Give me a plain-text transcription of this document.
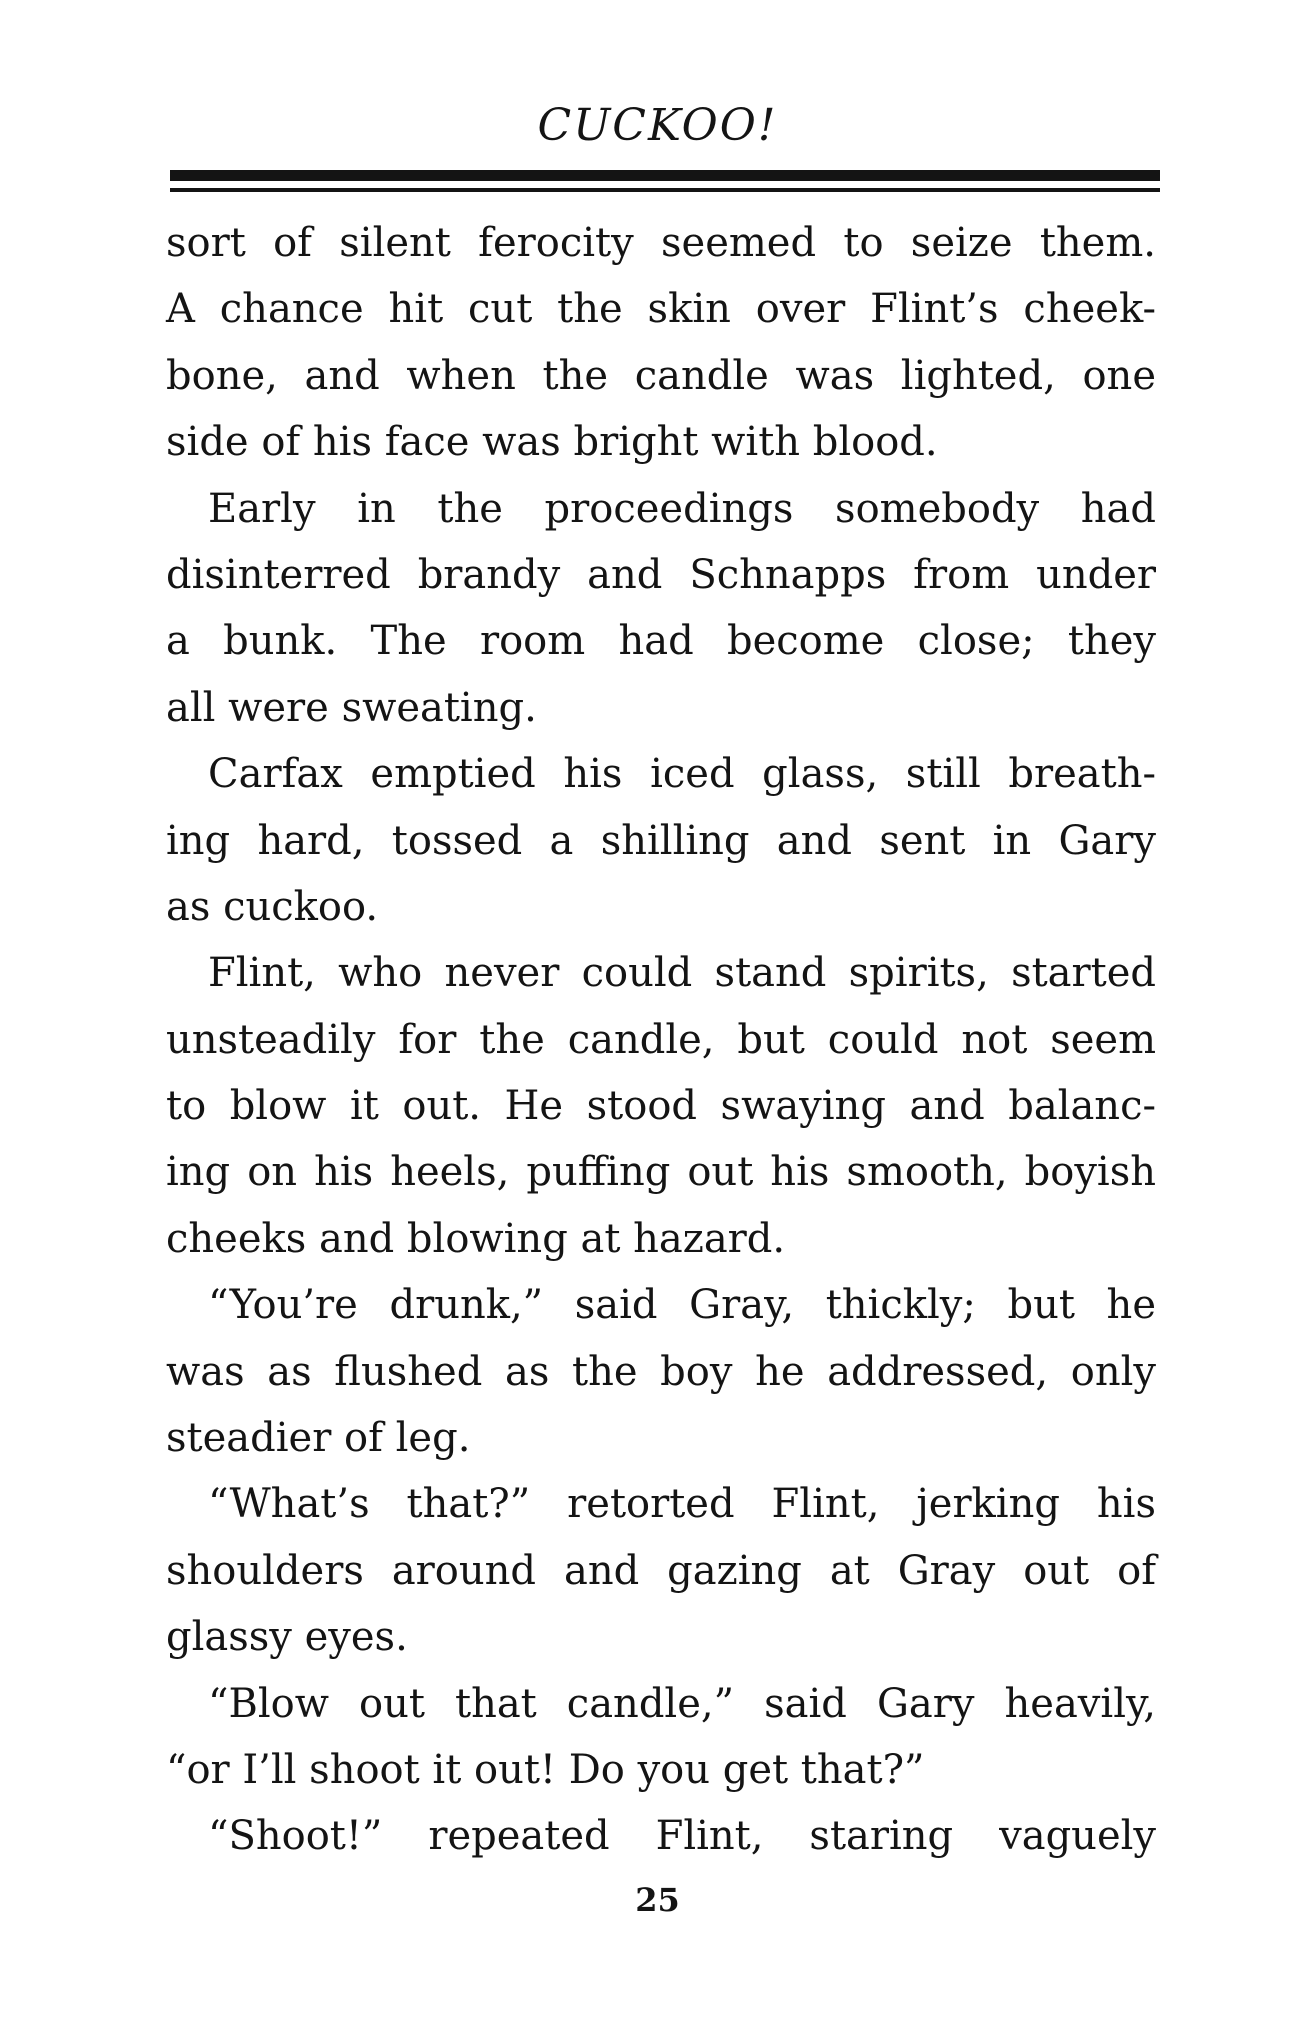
CUCKOO!
sort of silent ferocity seemed to seize them.
A chance hit cut the skin over Flint’s cheek-
bone, and when the candle was lighted, one
side of his face was bright with blood.
Early in the proceedings somebody had
disinterred brandy and Schnapps from under
a bunk. The room had become close; they
all were sweating.
Carfax emptied his iced glass, still breath-
ing hard, tossed a shilling and sent in Gary
as cuckoo.
Flint, who never could stand spirits, started
unsteadily for the candle, but could not seem
to blow it out. He stood swaying and balanc-
ing on his heels, puffing out his smooth, boyish
cheeks and blowing at hazard.
“You’re drunk,” said Gray, thickly; but he
was as flushed as the boy he addressed, only
steadier of leg.
“What’s that?” retorted Flint, jerking his
shoulders around and gazing at Gray out of
glassy eyes.
“Blow out that candle,” said Gary heavily,
“or I’ll shoot it out! Do you get that?”
“Shoot!” repeated Flint, staring vaguely
25
